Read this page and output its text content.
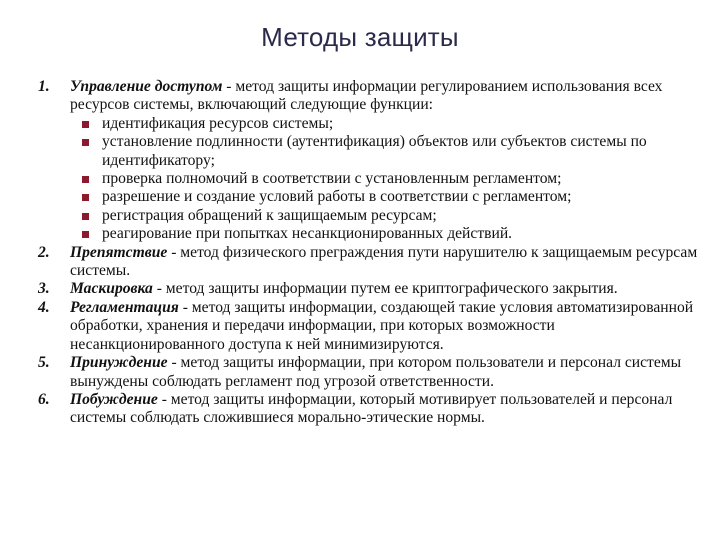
Методы защиты
1. Управление доступом - метод защиты информации регулированием использования всех ресурсов системы, включающий следующие функции:
идентификация ресурсов системы;
установление подлинности (аутентификация) объектов или субъектов системы по идентификатору;
проверка полномочий в соответствии с установленным регламентом;
разрешение и создание условий работы в соответствии с регламентом;
регистрация обращений к защищаемым ресурсам;
реагирование при попытках несанкционированных действий.
2. Препятствие - метод физического преграждения пути нарушителю к защищаемым ресурсам системы.
3. Маскировка - метод защиты информации путем ее криптографического закрытия.
4. Регламентация - метод защиты информации, создающей такие условия автоматизированной обработки, хранения и передачи информации, при которых возможности несанкционированного доступа к ней минимизируются.
5. Принуждение - метод защиты информации, при котором пользователи и персонал системы вынуждены соблюдать регламент под угрозой ответственности.
6. Побуждение - метод защиты информации, который мотивирует пользователей и персонал системы соблюдать сложившиеся морально-этические нормы.
